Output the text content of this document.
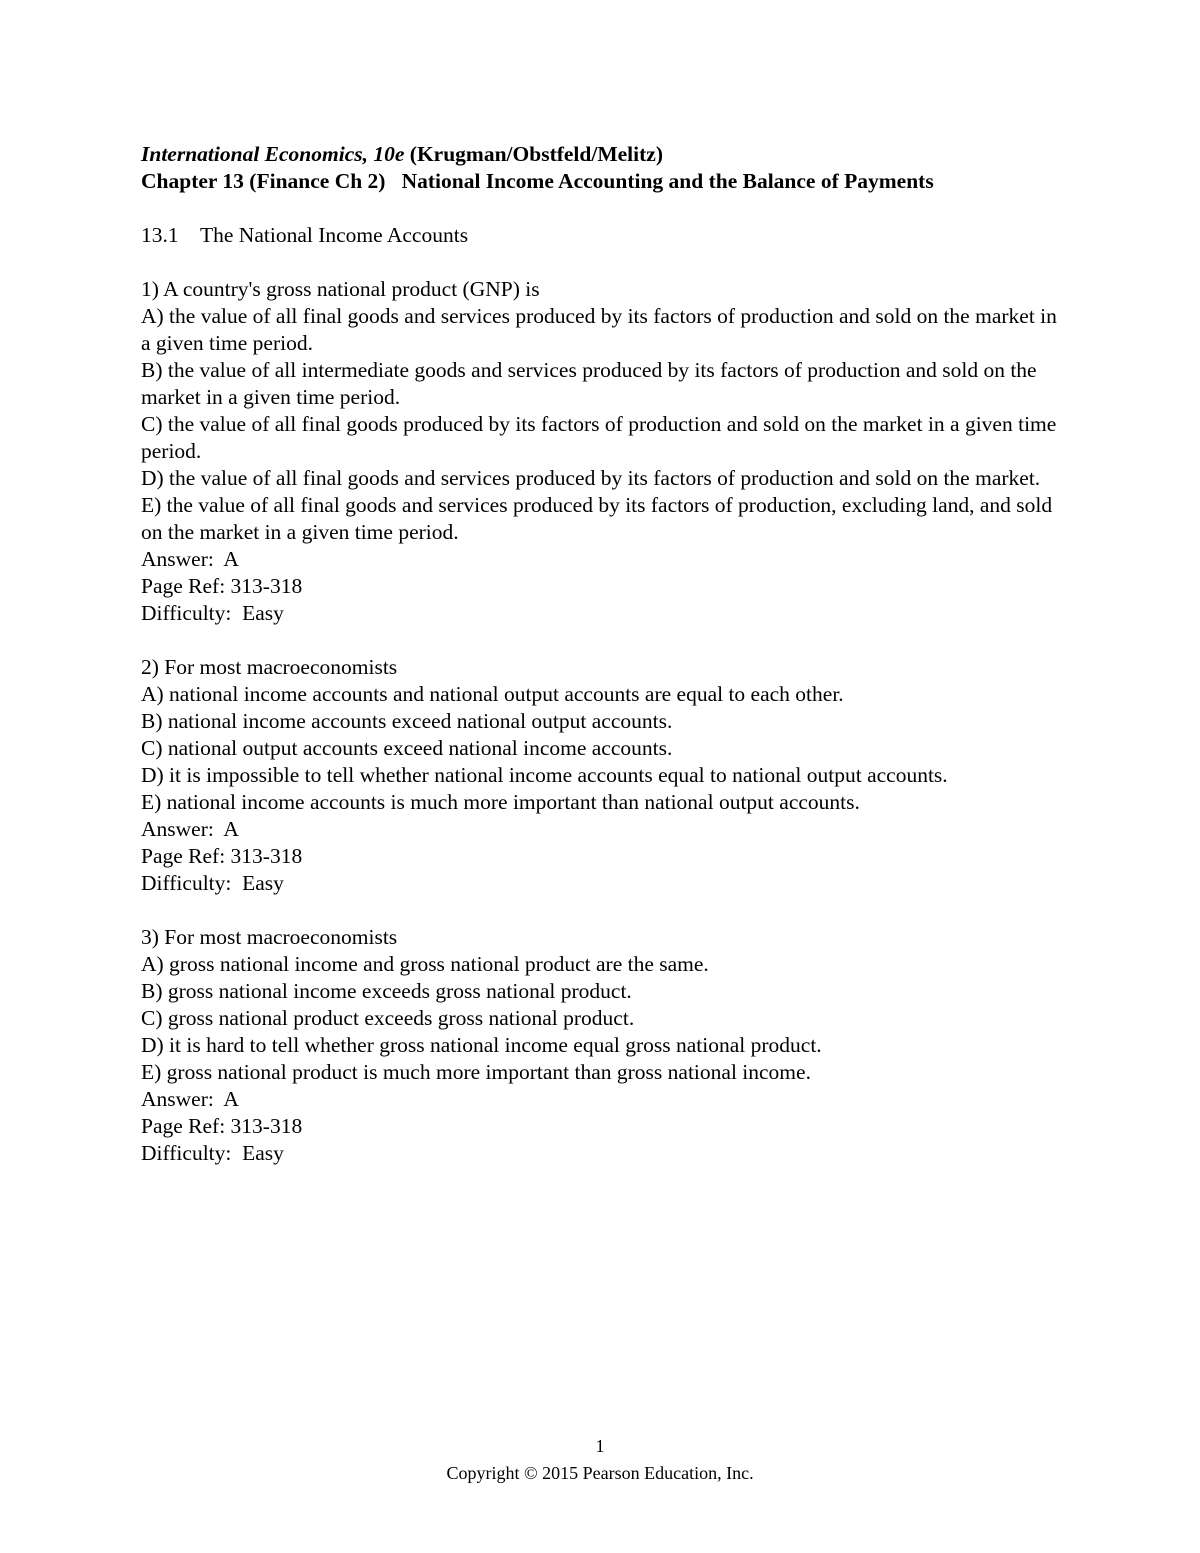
International Economics, 10e (Krugman/Obstfeld/Melitz)
Chapter 13 (Finance Ch 2)   National Income Accounting and the Balance of Payments
13.1 The National Income Accounts
1) A country's gross national product (GNP) is
A) the value of all final goods and services produced by its factors of production and sold on the market in a given time period.
B) the value of all intermediate goods and services produced by its factors of production and sold on the market in a given time period.
C) the value of all final goods produced by its factors of production and sold on the market in a given time period.
D) the value of all final goods and services produced by its factors of production and sold on the market.
E) the value of all final goods and services produced by its factors of production, excluding land, and sold on the market in a given time period.
Answer:  A
Page Ref: 313-318
Difficulty:  Easy
2) For most macroeconomists
A) national income accounts and national output accounts are equal to each other.
B) national income accounts exceed national output accounts.
C) national output accounts exceed national income accounts.
D) it is impossible to tell whether national income accounts equal to national output accounts.
E) national income accounts is much more important than national output accounts.
Answer:  A
Page Ref: 313-318
Difficulty:  Easy
3) For most macroeconomists
A) gross national income and gross national product are the same.
B) gross national income exceeds gross national product.
C) gross national product exceeds gross national product.
D) it is hard to tell whether gross national income equal gross national product.
E) gross national product is much more important than gross national income.
Answer:  A
Page Ref: 313-318
Difficulty:  Easy
1
Copyright © 2015 Pearson Education, Inc.
